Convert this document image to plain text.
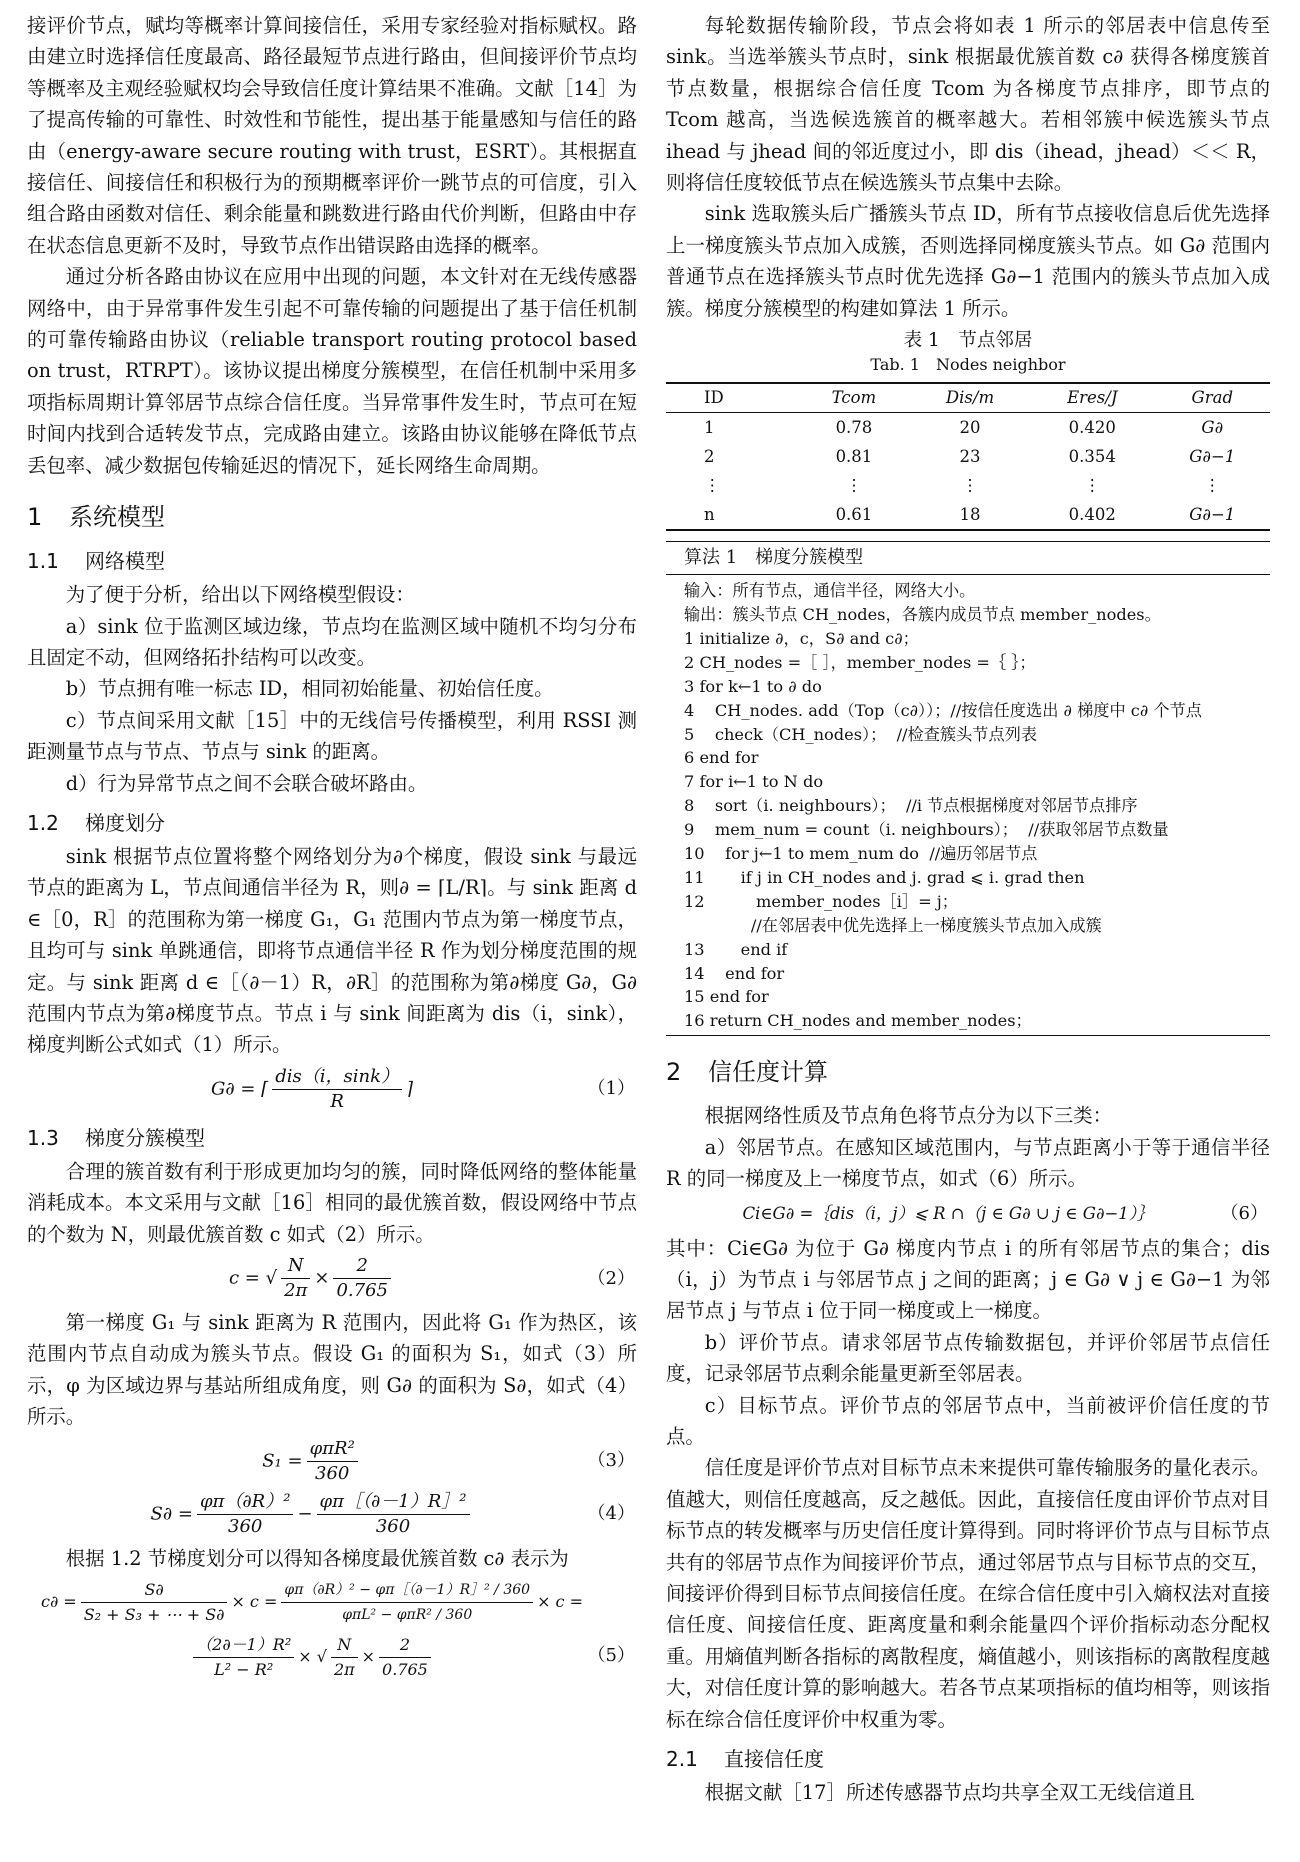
接评价节点，赋均等概率计算间接信任，采用专家经验对指标赋权。路由建立时选择信任度最高、路径最短节点进行路由，但间接评价节点均等概率及主观经验赋权均会导致信任度计算结果不准确。文献［14］为了提高传输的可靠性、时效性和节能性，提出基于能量感知与信任的路由（energy-aware secure routing with trust，ESRT）。其根据直接信任、间接信任和积极行为的预期概率评价一跳节点的可信度，引入组合路由函数对信任、剩余能量和跳数进行路由代价判断，但路由中存在状态信息更新不及时，导致节点作出错误路由选择的概率。

通过分析各路由协议在应用中出现的问题，本文针对在无线传感器网络中，由于异常事件发生引起不可靠传输的问题提出了基于信任机制的可靠传输路由协议（reliable transport routing protocol based on trust，RTRPT）。该协议提出梯度分簇模型，在信任机制中采用多项指标周期计算邻居节点综合信任度。当异常事件发生时，节点可在短时间内找到合适转发节点，完成路由建立。该路由协议能够在降低节点丢包率、减少数据包传输延迟的情况下，延长网络生命周期。

1 系统模型
1.1 网络模型

为了便于分析，给出以下网络模型假设：

a）sink 位于监测区域边缘，节点均在监测区域中随机不均匀分布且固定不动，但网络拓扑结构可以改变。

b）节点拥有唯一标志 ID，相同初始能量、初始信任度。

c）节点间采用文献［15］中的无线信号传播模型，利用 RSSI 测距测量节点与节点、节点与 sink 的距离。

d）行为异常节点之间不会联合破坏路由。

1.2 梯度划分

sink 根据节点位置将整个网络划分为∂个梯度，假设 sink 与最远节点的距离为 L，节点间通信半径为 R，则∂ = ⌈L/R⌉。与 sink 距离 d ∈［0，R］的范围称为第一梯度 G₁，G₁ 范围内节点为第一梯度节点，且均可与 sink 单跳通信，即将节点通信半径 R 作为划分梯度范围的规定。与 sink 距离 d ∈［（∂－1）R，∂R］的范围称为第∂梯度 G∂，G∂范围内节点为第∂梯度节点。节点 i 与 sink 间距离为 dis（i，sink），梯度判断公式如式（1）所示。

G∂ = ⌈ $\frac{\text{dis（i，sink）}}{R}$ ⌉	（1）
1.3 梯度分簇模型

合理的簇首数有利于形成更加均匀的簇，同时降低网络的整体能量消耗成本。本文采用与文献［16］相同的最优簇首数，假设网络中节点的个数为 N，则最优簇首数 c 如式（2）所示。

c = √ $\frac{N}{2\pi} \times \frac{2}{0.765}$	（2）

第一梯度 G₁ 与 sink 距离为 R 范围内，因此将 G₁ 作为热区，该范围内节点自动成为簇头节点。假设 G₁ 的面积为 S₁，如式（3）所示，φ 为区域边界与基站所组成角度，则 G∂ 的面积为 S∂，如式（4）所示。

$S_1 = \frac{\text{φπR²}}{360}$	（3）
$S\partial = \frac{\text{φπ（∂R）²}}{360} - \frac{\text{φπ［（∂－1）R］²}}{360}$	（4）

根据 1.2 节梯度划分可以得知各梯度最优簇首数 c∂ 表示为

$c\partial = \frac{S\partial}{\text{S₂ + S₃ + ⋯ + S∂}} \times c = \frac{\text{φπ（∂R）² − φπ［（∂－1）R］² / 360}}{\text{φπL² − φπR² / 360}} \times c$ =
$\frac{\text{（2∂－1）R²}}{\text{L² − R²}}$ × √ $\frac{N}{2\pi} \times \frac{2}{0.765}$	（5）

每轮数据传输阶段，节点会将如表 1 所示的邻居表中信息传至 sink。当选举簇头节点时，sink 根据最优簇首数 c∂ 获得各梯度簇首节点数量，根据综合信任度 Tcom 为各梯度节点排序，即节点的 Tcom 越高，当选候选簇首的概率越大。若相邻簇中候选簇头节点 ihead 与 jhead 间的邻近度过小，即 dis（ihead，jhead）＜＜ R，则将信任度较低节点在候选簇头节点集中去除。

sink 选取簇头后广播簇头节点 ID，所有节点接收信息后优先选择上一梯度簇头节点加入成簇，否则选择同梯度簇头节点。如 G∂ 范围内普通节点在选择簇头节点时优先选择 G∂−1 范围内的簇头节点加入成簇。梯度分簇模型的构建如算法 1 所示。

表 1　节点邻居
Tab. 1　Nodes neighbor
ID	Tcom	Dis/m	Eres/J	Grad
1	0.78	20	0.420	G∂
2	0.81	23	0.354	G∂−1
⋮	⋮	⋮	⋮	⋮
n	0.61	18	0.402	G∂−1
算法 1　梯度分簇模型
输入：所有节点，通信半径，网络大小。
输出：簇头节点 CH_nodes，各簇内成员节点 member_nodes。
1 initialize ∂，c，S∂ and c∂；
2 CH_nodes =［ ］，member_nodes =｛ ｝；
3 for k←1 to ∂ do
4    CH_nodes. add（Top（c∂））；//按信任度选出 ∂ 梯度中 c∂ 个节点
5    check（CH_nodes）；  //检查簇头节点列表
6 end for
7 for i←1 to N do
8    sort（i. neighbours）；  //i 节点根据梯度对邻居节点排序
9    mem_num = count（i. neighbours）；  //获取邻居节点数量
10    for j←1 to mem_num do  //遍历邻居节点
11       if j in CH_nodes and j. grad ⩽ i. grad then
12          member_nodes［i］= j；
//在邻居表中优先选择上一梯度簇头节点加入成簇
13       end if
14    end for
15 end for
16 return CH_nodes and member_nodes；
2 信任度计算

根据网络性质及节点角色将节点分为以下三类：

a）邻居节点。在感知区域范围内，与节点距离小于等于通信半径 R 的同一梯度及上一梯度节点，如式（6）所示。

Ci∈G∂ =｛dis（i，j）⩽ R ∩（j ∈ G∂ ∪ j ∈ G∂−1）｝	（6）

其中：Ci∈G∂ 为位于 G∂ 梯度内节点 i 的所有邻居节点的集合；dis（i，j）为节点 i 与邻居节点 j 之间的距离；j ∈ G∂ ∨ j ∈ G∂−1 为邻居节点 j 与节点 i 位于同一梯度或上一梯度。

b）评价节点。请求邻居节点传输数据包，并评价邻居节点信任度，记录邻居节点剩余能量更新至邻居表。

c）目标节点。评价节点的邻居节点中，当前被评价信任度的节点。

信任度是评价节点对目标节点未来提供可靠传输服务的量化表示。值越大，则信任度越高，反之越低。因此，直接信任度由评价节点对目标节点的转发概率与历史信任度计算得到。同时将评价节点与目标节点共有的邻居节点作为间接评价节点，通过邻居节点与目标节点的交互，间接评价得到目标节点间接信任度。在综合信任度中引入熵权法对直接信任度、间接信任度、距离度量和剩余能量四个评价指标动态分配权重。用熵值判断各指标的离散程度，熵值越小，则该指标的离散程度越大，对信任度计算的影响越大。若各节点某项指标的值均相等，则该指标在综合信任度评价中权重为零。

2.1 直接信任度

根据文献［17］所述传感器节点均共享全双工无线信道且
